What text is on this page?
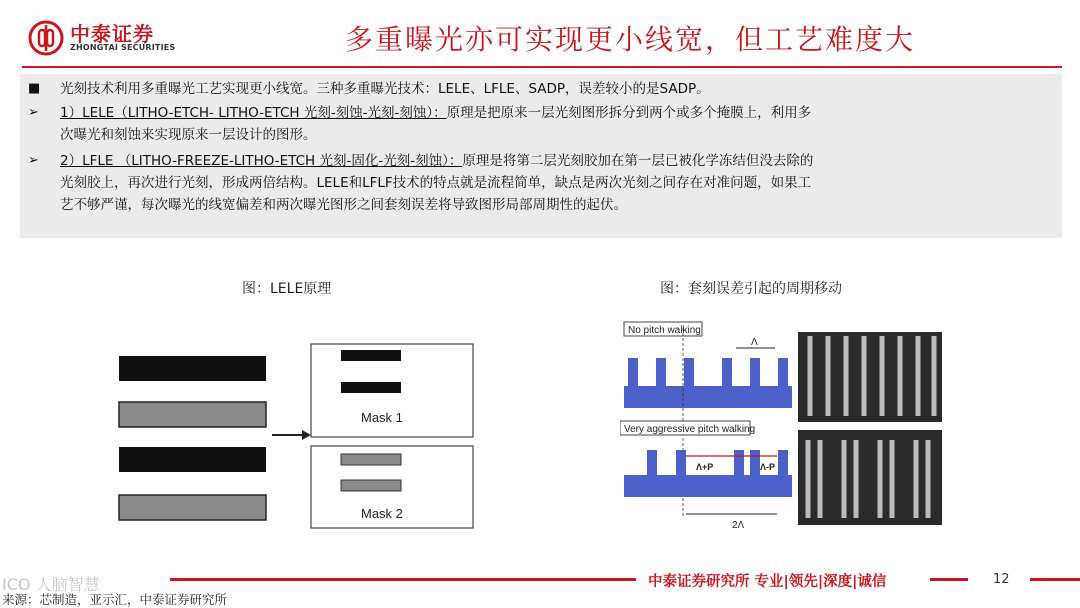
中泰证券
ZHONGTAI SECURITIES	多重曝光亦可实现更小线宽，但工艺难度大
■ 光刻技术利用多重曝光工艺实现更小线宽。三种多重曝光技术：LELE、LFLE、SADP，误差较小的是SADP。
➢	1）LELE（LITHO-ETCH- LITHO-ETCH 光刻-刻蚀-光刻-刻蚀）：原理是把原来一层光刻图形拆分到两个或多个掩膜上，利用多
次曝光和刻蚀来实现原来一层设计的图形。
➢	2）LFLE （LITHO-FREEZE-LITHO-ETCH 光刻-固化-光刻-刻蚀）：原理是将第二层光刻胶加在第一层已被化学冻结但没去除的
光刻胶上，再次进行光刻，形成两倍结构。LELE和LFLF技术的特点就是流程简单，缺点是两次光刻之间存在对准问题，如果工
艺不够严谨，每次曝光的线宽偏差和两次曝光图形之间套刻误差将导致图形局部周期性的起伏。
图：LELE原理	图：套刻误差引起的周期移动
Mask 1
Mask 2
No pitch walking
Λ
Very aggressive pitch walking
Λ+P	Λ-P
2Λ
中泰证券研究所 专业|领先|深度|诚信	12
ICO 人脑智慧
来源：芯制造，亚示汇，中泰证券研究所
